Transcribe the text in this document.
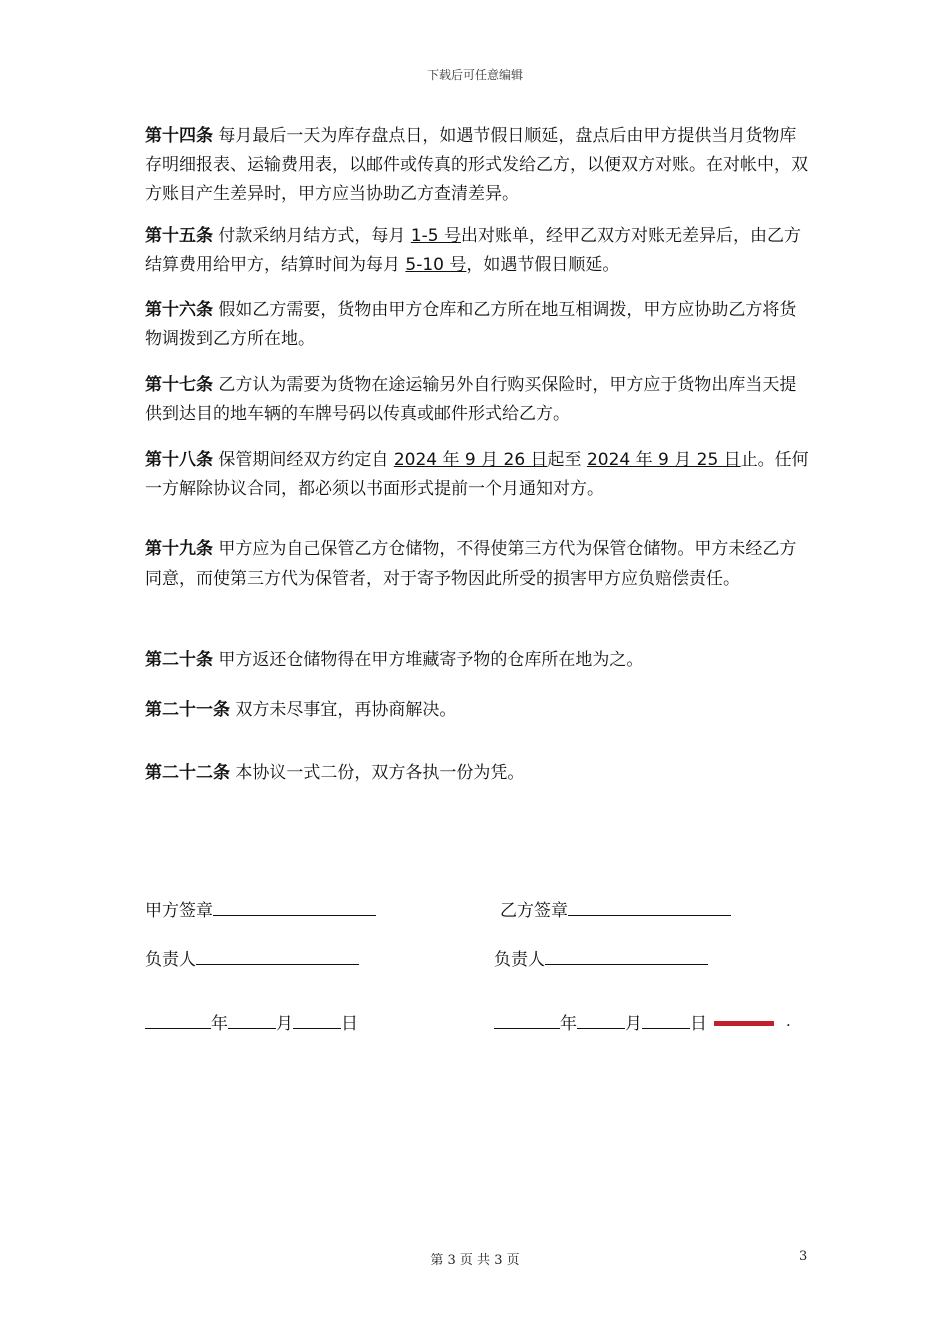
下载后可任意编辑
第十四条 每月最后一天为库存盘点日，如遇节假日顺延，盘点后由甲方提供当月货物库存明细报表、运输费用表，以邮件或传真的形式发给乙方，以便双方对账。在对帐中，双方账目产生差异时，甲方应当协助乙方查清差异。
第十五条 付款采纳月结方式，每月 1-5 号出对账单，经甲乙双方对账无差异后，由乙方结算费用给甲方，结算时间为每月 5-10 号，如遇节假日顺延。
第十六条 假如乙方需要，货物由甲方仓库和乙方所在地互相调拨，甲方应协助乙方将货物调拨到乙方所在地。
第十七条 乙方认为需要为货物在途运输另外自行购买保险时，甲方应于货物出库当天提供到达目的地车辆的车牌号码以传真或邮件形式给乙方。
第十八条 保管期间经双方约定自 2024 年 9 月 26 日起至 2024 年 9 月 25 日止。任何一方解除协议合同，都必须以书面形式提前一个月通知对方。
第十九条 甲方应为自己保管乙方仓储物，不得使第三方代为保管仓储物。甲方未经乙方同意，而使第三方代为保管者，对于寄予物因此所受的损害甲方应负赔偿责任。
第二十条 甲方返还仓储物得在甲方堆藏寄予物的仓库所在地为之。
第二十一条 双方未尽事宜，再协商解决。
第二十二条 本协议一式二份，双方各执一份为凭。
甲方签章
负责人
年	月	日
乙方签章
负责人
年	月	日	.
第 3 页 共 3 页	3
